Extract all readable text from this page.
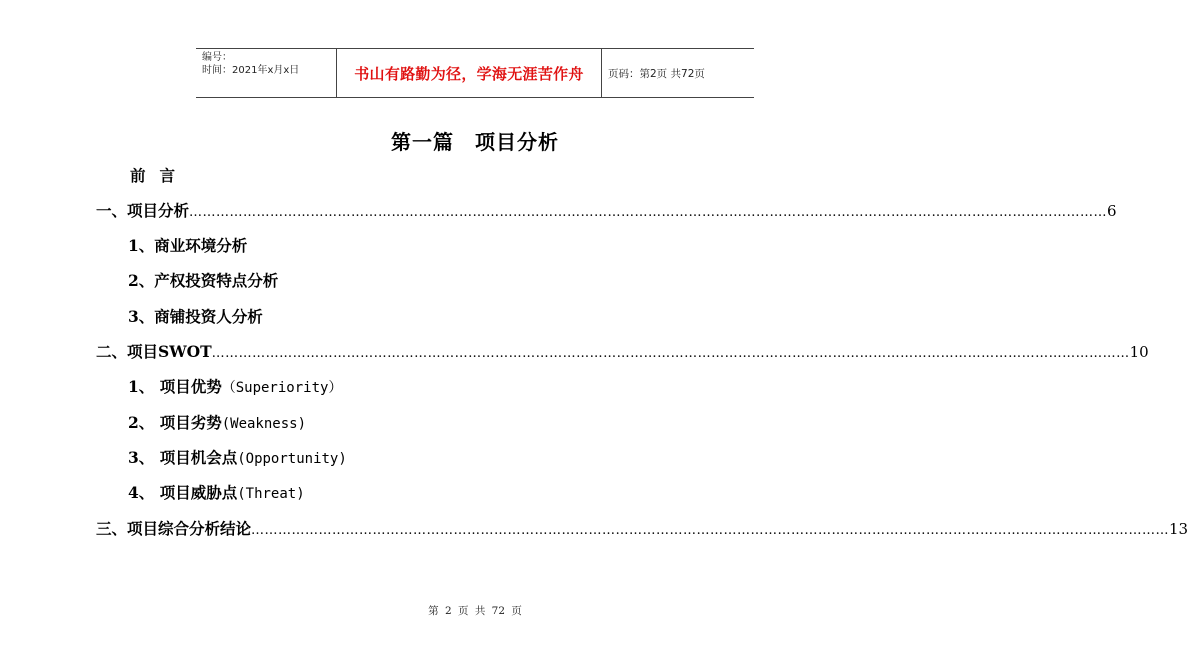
编号：
时间：2021年x月x日	书山有路勤为径，学海无涯苦作舟	页码：第2页 共72页
第一篇　项目分析
前言
一、项目分析 …………………………………………………………………………………………………………………………………………………………………………………… 6
1、商业环境分析
2、产权投资特点分析
3、商铺投资人分析
二、项目SWOT …………………………………………………………………………………………………………………………………………………………………………………… 10
1、 项目优势（Superiority）
2、 项目劣势(Weakness)
3、 项目机会点(Opportunity)
4、 项目威胁点(Threat)
三、项目综合分析结论 …………………………………………………………………………………………………………………………………………………………………………………… 13
第 2 页 共 72 页
